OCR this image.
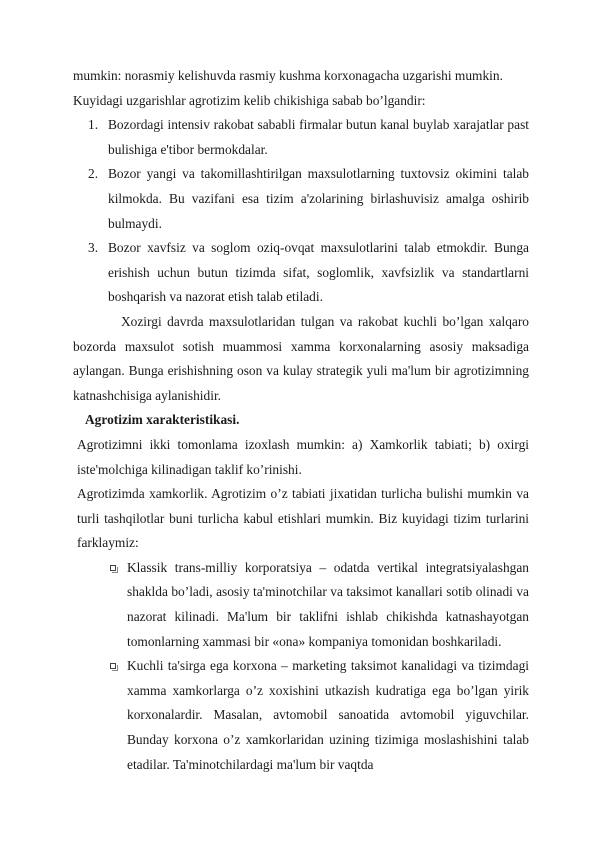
mumkin: norasmiy kelishuvda rasmiy kushma korxonagacha uzgarishi mumkin.

Kuyidagi uzgarishlar agrotizim kelib chikishiga sabab bo’lgandir:

1. Bozordagi intensiv rakobat sababli firmalar butun kanal buylab xarajatlar past bulishiga e'tibor bermokdalar.
2. Bozor yangi va takomillashtirilgan maxsulotlarning tuxtovsiz okimini talab kilmokda. Bu vazifani esa tizim a'zolarining birlashuvisiz amalga oshirib bulmaydi.
3. Bozor xavfsiz va soglom oziq-ovqat maxsulotlarini talab etmokdir. Bunga erishish uchun butun tizimda sifat, soglomlik, xavfsizlik va standartlarni boshqarish va nazorat etish talab etiladi.

Xozirgi davrda maxsulotlaridan tulgan va rakobat kuchli bo’lgan xalqaro bozorda maxsulot sotish muammosi xamma korxonalarning asosiy maksadiga aylangan. Bunga erishishning oson va kulay strategik yuli ma'lum bir agrotizimning katnashchisiga aylanishidir.

Agrotizim xarakteristikasi.

Agrotizimni ikki tomonlama izoxlash mumkin: a) Xamkorlik tabiati; b) oxirgi iste'molchiga kilinadigan taklif ko’rinishi.

Agrotizimda xamkorlik. Agrotizim o’z tabiati jixatidan turlicha bulishi mumkin va turli tashqilotlar buni turlicha kabul etishlari mumkin. Biz kuyidagi tizim turlarini farklaymiz:

Klassik trans-milliy korporatsiya – odatda vertikal integratsiyalashgan shaklda bo’ladi, asosiy ta'minotchilar va taksimot kanallari sotib olinadi va nazorat kilinadi. Ma'lum bir taklifni ishlab chikishda katnashayotgan tomonlarning xammasi bir «ona» kompaniya tomonidan boshkariladi.
Kuchli ta'sirga ega korxona – marketing taksimot kanalidagi va tizimdagi xamma xamkorlarga o’z xoxishini utkazish kudratiga ega bo’lgan yirik korxonalardir. Masalan, avtomobil sanoatida avtomobil yiguvchilar. Bunday korxona o’z xamkorlaridan uzining tizimiga moslashishini talab etadilar. Ta'minotchilardagi ma'lum bir vaqtda
